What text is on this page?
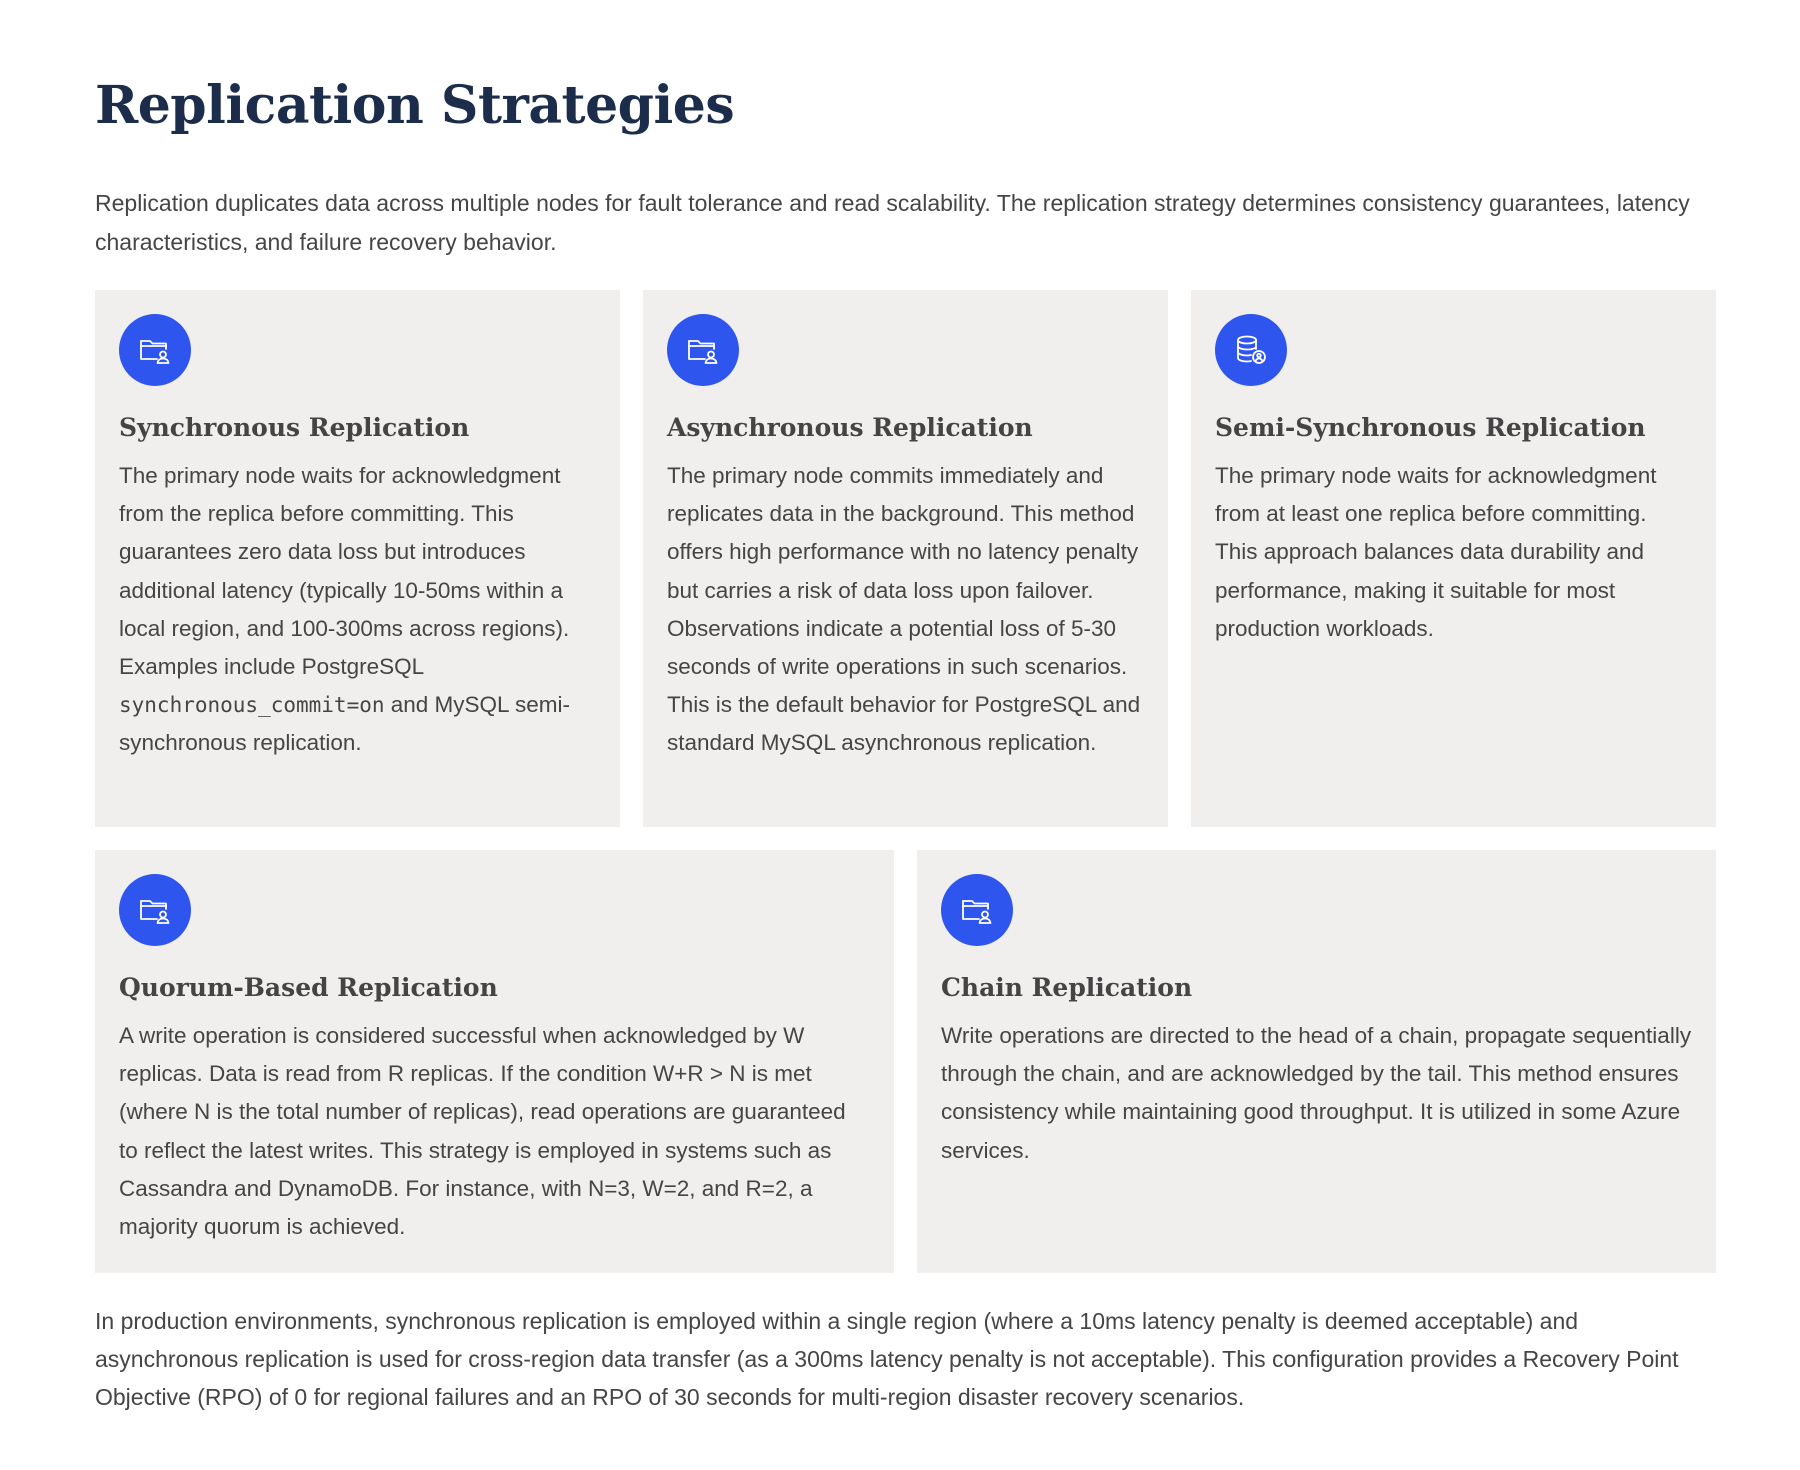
Replication Strategies

Replication duplicates data across multiple nodes for fault tolerance and read scalability. The replication strategy determines consistency guarantees, latency characteristics, and failure recovery behavior.

Synchronous Replication

The primary node waits for acknowledgment from the replica before committing. This guarantees zero data loss but introduces additional latency (typically 10-50ms within a local region, and 100-300ms across regions). Examples include PostgreSQL synchronous_commit=on and MySQL semi-synchronous replication.

Asynchronous Replication

The primary node commits immediately and replicates data in the background. This method offers high performance with no latency penalty but carries a risk of data loss upon failover. Observations indicate a potential loss of 5-30 seconds of write operations in such scenarios. This is the default behavior for PostgreSQL and standard MySQL asynchronous replication.

Semi-Synchronous Replication

The primary node waits for acknowledgment from at least one replica before committing. This approach balances data durability and performance, making it suitable for most production workloads.

Quorum-Based Replication

A write operation is considered successful when acknowledged by W replicas. Data is read from R replicas. If the condition W+R > N is met (where N is the total number of replicas), read operations are guaranteed to reflect the latest writes. This strategy is employed in systems such as Cassandra and DynamoDB. For instance, with N=3, W=2, and R=2, a majority quorum is achieved.

Chain Replication

Write operations are directed to the head of a chain, propagate sequentially through the chain, and are acknowledged by the tail. This method ensures consistency while maintaining good throughput. It is utilized in some Azure services.

In production environments, synchronous replication is employed within a single region (where a 10ms latency penalty is deemed acceptable) and asynchronous replication is used for cross-region data transfer (as a 300ms latency penalty is not acceptable). This configuration provides a Recovery Point Objective (RPO) of 0 for regional failures and an RPO of 30 seconds for multi-region disaster recovery scenarios.
